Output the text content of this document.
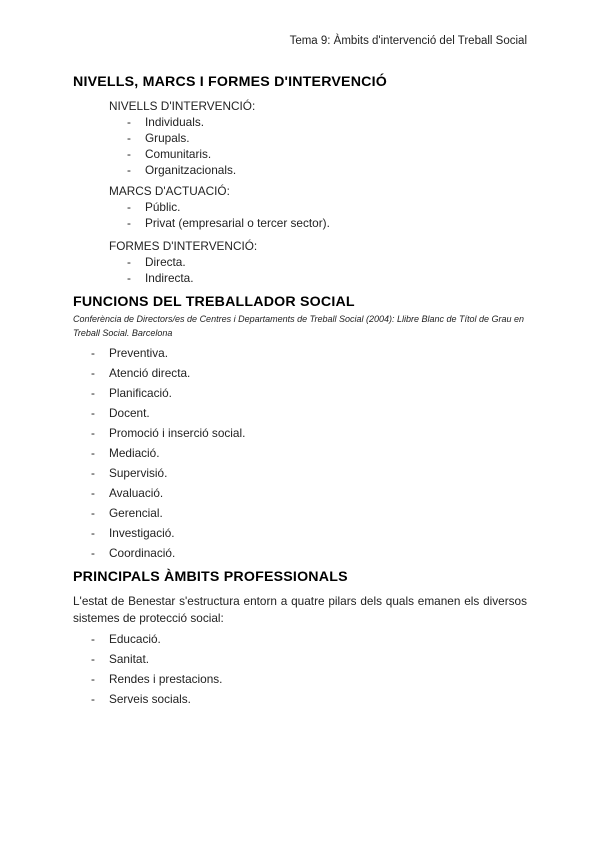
Tema 9: Àmbits d'intervenció del Treball Social
NIVELLS, MARCS I FORMES D'INTERVENCIÓ
NIVELLS D'INTERVENCIÓ:
- Individuals.
- Grupals.
- Comunitaris.
- Organitzacionals.
MARCS D'ACTUACIÓ:
- Públic.
- Privat (empresarial o tercer sector).
FORMES D'INTERVENCIÓ:
- Directa.
- Indirecta.
FUNCIONS DEL TREBALLADOR SOCIAL
Conferència de Directors/es de Centres i Departaments de Treball Social (2004): Llibre Blanc de Títol de Grau en Treball Social. Barcelona
- Preventiva.
- Atenció directa.
- Planificació.
- Docent.
- Promoció i inserció social.
- Mediació.
- Supervisió.
- Avaluació.
- Gerencial.
- Investigació.
- Coordinació.
PRINCIPALS ÀMBITS PROFESSIONALS
L'estat de Benestar s'estructura entorn a quatre pilars dels quals emanen els diversos sistemes de protecció social:
- Educació.
- Sanitat.
- Rendes i prestacions.
- Serveis socials.
